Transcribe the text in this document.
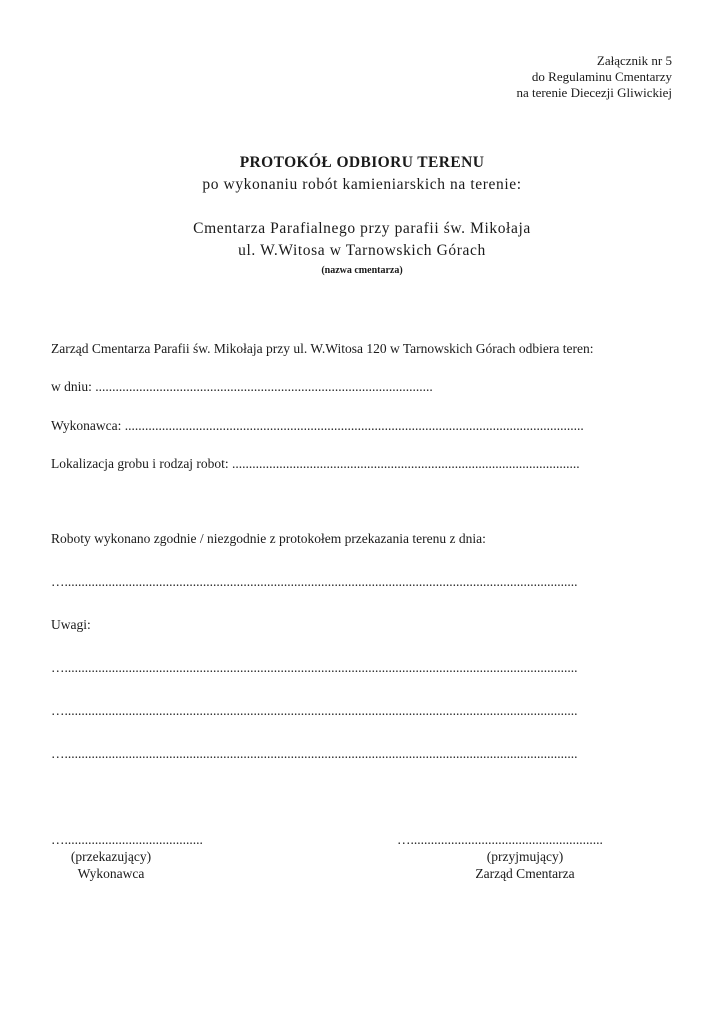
Załącznik nr 5
do Regulaminu Cmentarzy
na terenie Diecezji Gliwickiej
PROTOKÓŁ ODBIORU TERENU
po wykonaniu robót kamieniarskich na terenie:
Cmentarza Parafialnego przy parafii św. Mikołaja
ul. W.Witosa w Tarnowskich Górach
(nazwa cmentarza)
Zarząd Cmentarza Parafii św. Mikołaja przy ul. W.Witosa 120 w Tarnowskich Górach odbiera teren:
w dniu: ....................................................................................................
Wykonawca: ........................................................................................................................................
Lokalizacja grobu i rodzaj robot: .......................................................................................................
Roboty wykonano zgodnie / niezgodnie z protokołem przekazania terenu z dnia:
…........................................................................................................................................................
Uwagi:
…........................................................................................................................................................
…........................................................................................................................................................
…........................................................................................................................................................
….........................................
(przekazujący)
Wykonawca
….........................................................
(przyjmujący)
Zarząd Cmentarza
